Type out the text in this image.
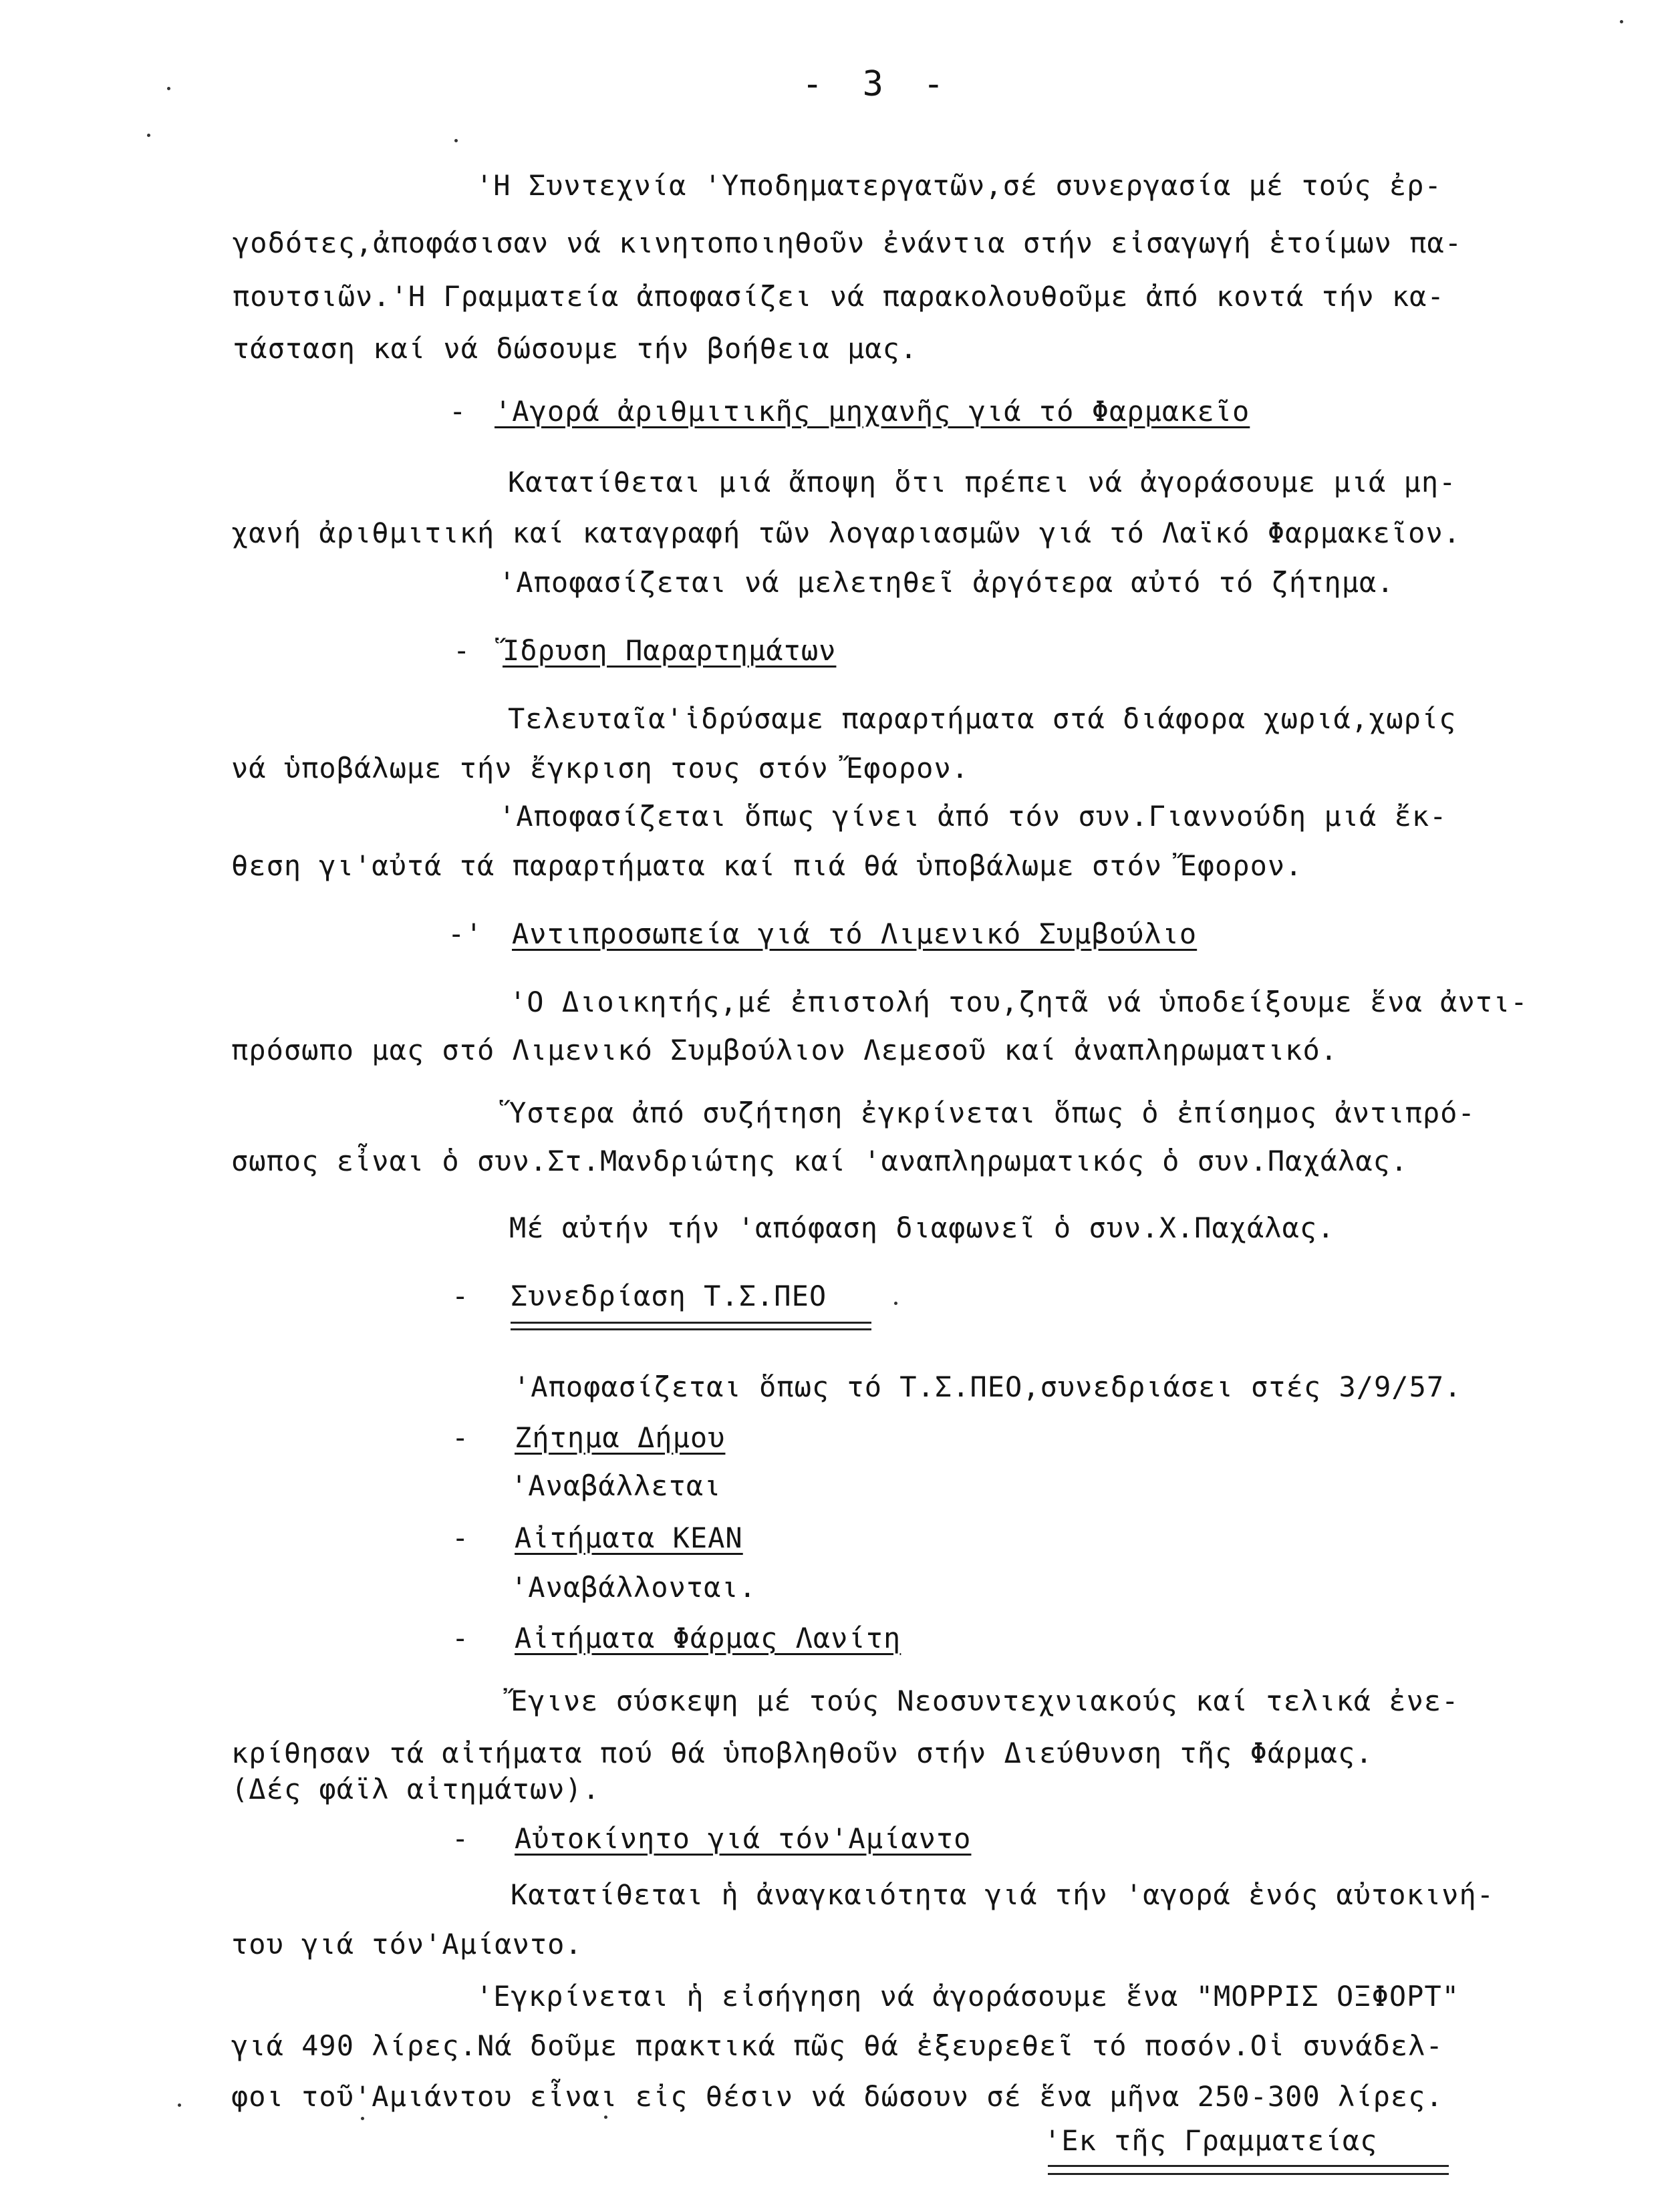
- 3 -
'Η Συντεχνία 'Υποδηματεργατῶν,σέ συνεργασία μέ τούς ἐρ-
γοδότες,ἀποφάσισαν νά κινητοποιηθοῦν ἐνάντια στήν εἰσαγωγή ἑτοίμων πα-
πουτσιῶν.'Η Γραμματεία ἀποφασίζει νά παρακολουθοῦμε ἀπό κοντά τήν κα-
τάσταση καί νά δώσουμε τήν βοήθεια μας.
- 'Αγορά ἀριθμιτικῆς μηχανῆς γιά τό Φαρμακεῖο
Κατατίθεται μιά ἄποψη ὅτι πρέπει νά ἀγοράσουμε μιά μη-
χανή ἀριθμιτική καί καταγραφή τῶν λογαριασμῶν γιά τό Λαϊκό Φαρμακεῖον.
'Αποφασίζεται νά μελετηθεῖ ἀργότερα αὐτό τό ζήτημα.
- Ἵδρυση Παραρτημάτων
Τελευταῖα'ἱδρύσαμε παραρτήματα στά διάφορα χωριά,χωρίς
νά ὑποβάλωμε τήν ἔγκριση τους στόν Ἔφορον.
'Αποφασίζεται ὅπως γίνει ἀπό τόν συν.Γιαννούδη μιά ἔκ-
θεση γι'αὐτά τά παραρτήματα καί πιά θά ὑποβάλωμε στόν Ἔφορον.
-' Αντιπροσωπεία γιά τό Λιμενικό Συμβούλιο
'Ο Διοικητής,μέ ἐπιστολή του,ζητᾶ νά ὑποδείξουμε ἕνα ἀντι-
πρόσωπο μας στό Λιμενικό Συμβούλιον Λεμεσοῦ καί ἀναπληρωματικό.
Ὕστερα ἀπό συζήτηση ἐγκρίνεται ὅπως ὁ ἐπίσημος ἀντιπρό-
σωπος εἶναι ὁ συν.Στ.Μανδριώτης καί 'αναπληρωματικός ὁ συν.Παχάλας.
Μέ αὐτήν τήν 'απόφαση διαφωνεῖ ὁ συν.Χ.Παχάλας.
- Συνεδρίαση Τ.Σ.ΠΕΟ
'Αποφασίζεται ὅπως τό Τ.Σ.ΠΕΟ,συνεδριάσει στές 3/9/57.
- Ζήτημα Δήμου
'Αναβάλλεται
- Αἰτήματα ΚΕΑΝ
'Αναβάλλονται.
- Αἰτήματα Φάρμας Λανίτη
Ἔγινε σύσκεψη μέ τούς Νεοσυντεχνιακούς καί τελικά ἐνε-
κρίθησαν τά αἰτήματα πού θά ὑποβληθοῦν στήν Διεύθυνση τῆς Φάρμας.
(Δές φάϊλ αἰτημάτων).
- Αὐτοκίνητο γιά τόν'Αμίαντο
Κατατίθεται ἡ ἀναγκαιότητα γιά τήν 'αγορά ἑνός αὐτοκινή-
του γιά τόν'Αμίαντο.
'Εγκρίνεται ἡ εἰσήγηση νά ἀγοράσουμε ἕνα "ΜΟΡΡΙΣ ΟΞΦΟΡΤ"
γιά 490 λίρες.Νά δοῦμε πρακτικά πῶς θά ἐξευρεθεῖ τό ποσόν.Οἱ συνάδελ-
φοι τοῦ'Αμιάντου εἶναι εἰς θέσιν νά δώσουν σέ ἕνα μῆνα 250-300 λίρες.
'Εκ τῆς Γραμματείας
